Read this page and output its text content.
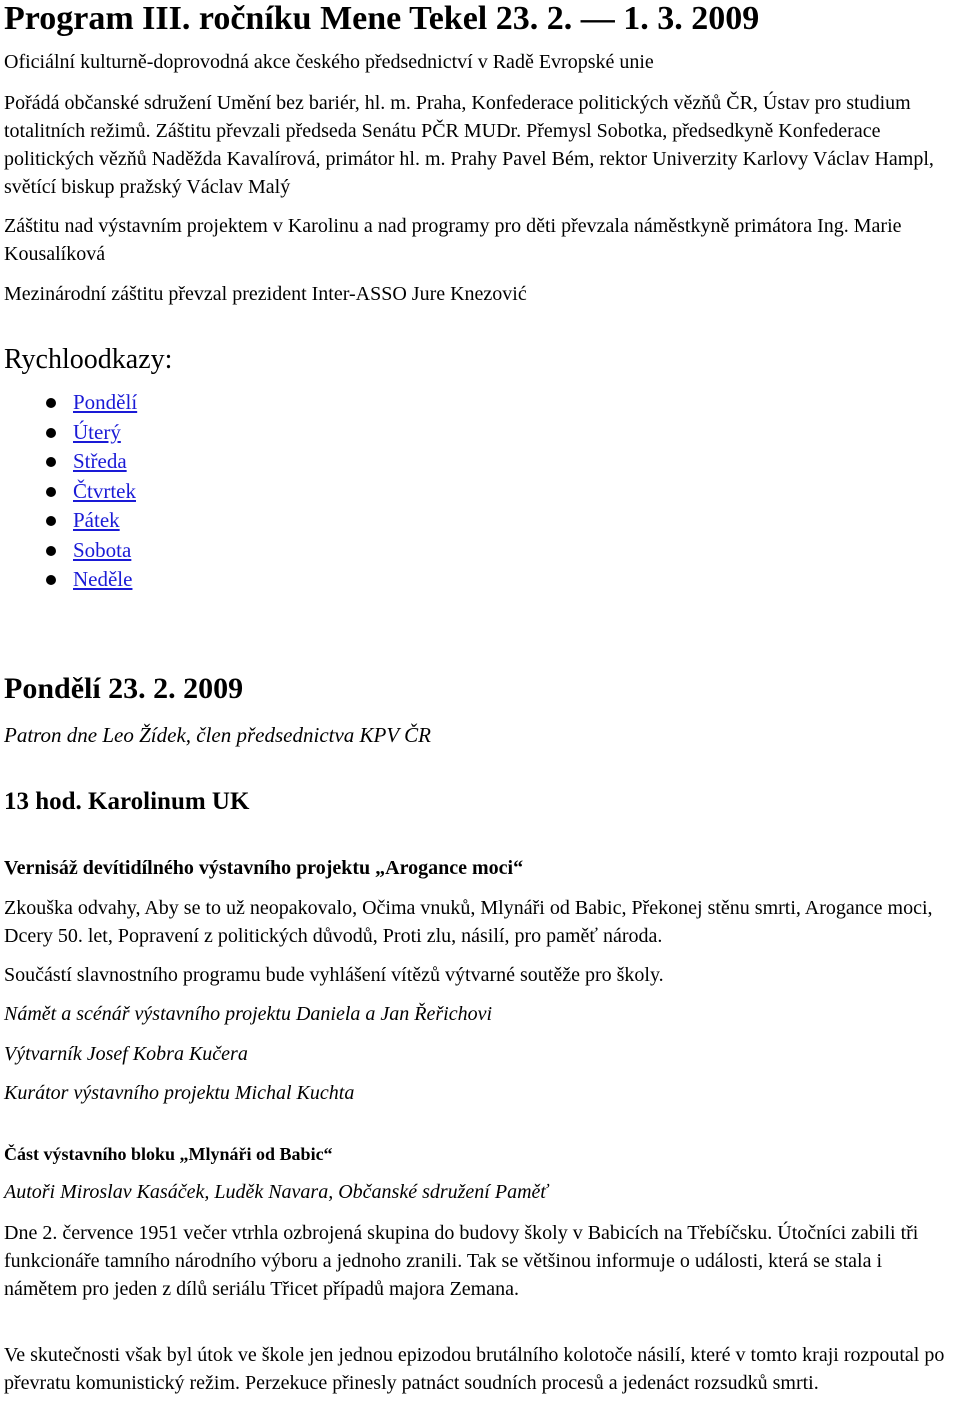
Program III. ročníku Mene Tekel 23. 2. — 1. 3. 2009

Oficiální kulturně-doprovodná akce českého předsednictví v Radě Evropské unie

Pořádá občanské sdružení Umění bez bariér, hl. m. Praha, Konfederace politických vězňů ČR, Ústav pro studium totalitních režimů. Záštitu převzali předseda Senátu PČR MUDr. Přemysl Sobotka, předsedkyně Konfederace politických vězňů Naděžda Kavalírová, primátor hl. m. Prahy Pavel Bém, rektor Univerzity Karlovy Václav Hampl, světící biskup pražský Václav Malý

Záštitu nad výstavním projektem v Karolinu a nad programy pro děti převzala náměstkyně primátora Ing. Marie Kousalíková

Mezinárodní záštitu převzal prezident Inter-ASSO Jure Knezović

Rychloodkazy:
Pondělí
Úterý
Středa
Čtvrtek
Pátek
Sobota
Neděle
Pondělí 23. 2. 2009

Patron dne Leo Žídek, člen předsednictva KPV ČR

13 hod. Karolinum UK
Vernisáž devítidílného výstavního projektu „Arogance moci“

Zkouška odvahy, Aby se to už neopakovalo, Očima vnuků, Mlynáři od Babic, Překonej stěnu smrti, Arogance moci, Dcery 50. let, Popravení z politických důvodů, Proti zlu, násilí, pro paměť národa.

Součástí slavnostního programu bude vyhlášení vítězů výtvarné soutěže pro školy.

Námět a scénář výstavního projektu Daniela a Jan Řeřichovi

Výtvarník Josef Kobra Kučera

Kurátor výstavního projektu Michal Kuchta

Část výstavního bloku „Mlynáři od Babic“

Autoři Miroslav Kasáček, Luděk Navara, Občanské sdružení Paměť

Dne 2. července 1951 večer vtrhla ozbrojená skupina do budovy školy v Babicích na Třebíčsku. Útočníci zabili tři funkcionáře tamního národního výboru a jednoho zranili. Tak se většinou informuje o události, která se stala i námětem pro jeden z dílů seriálu Třicet případů majora Zemana.

Ve skutečnosti však byl útok ve škole jen jednou epizodou brutálního kolotoče násilí, které v tomto kraji rozpoutal po převratu komunistický režim. Perzekuce přinesly patnáct soudních procesů a jedenáct rozsudků smrti.
